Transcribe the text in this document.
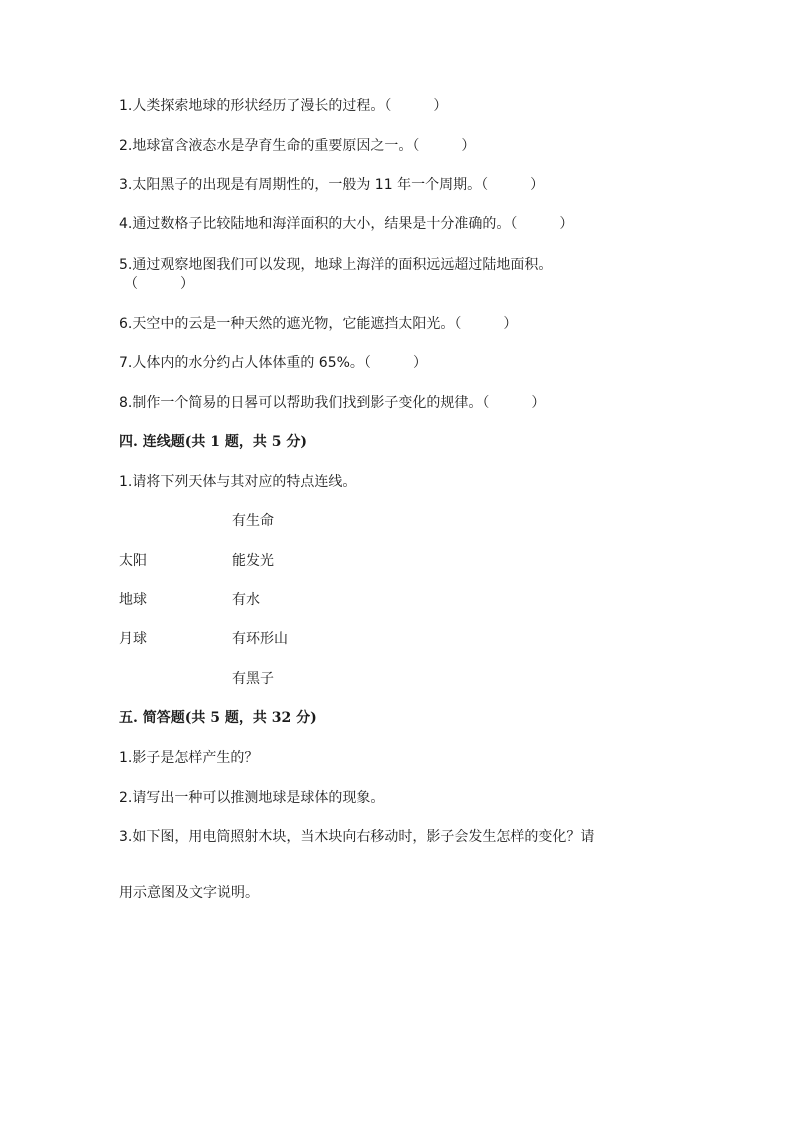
1.人类探索地球的形状经历了漫长的过程。（	）
2.地球富含液态水是孕育生命的重要原因之一。（	）
3.太阳黑子的出现是有周期性的，一般为 11 年一个周期。（	）
4.通过数格子比较陆地和海洋面积的大小，结果是十分准确的。（	）
5.通过观察地图我们可以发现，地球上海洋的面积远远超过陆地面积。
（	）
6.天空中的云是一种天然的遮光物，它能遮挡太阳光。（	）
7.人体内的水分约占人体体重的 65%。（	）
8.制作一个简易的日晷可以帮助我们找到影子变化的规律。（	）
四. 连线题(共 1 题，共 5 分)
1.请将下列天体与其对应的特点连线。
有生命
太阳	能发光
地球	有水
月球	有环形山
有黑子
五. 简答题(共 5 题，共 32 分)
1.影子是怎样产生的？
2.请写出一种可以推测地球是球体的现象。
3.如下图，用电筒照射木块，当木块向右移动时，影子会发生怎样的变化？请
用示意图及文字说明。
